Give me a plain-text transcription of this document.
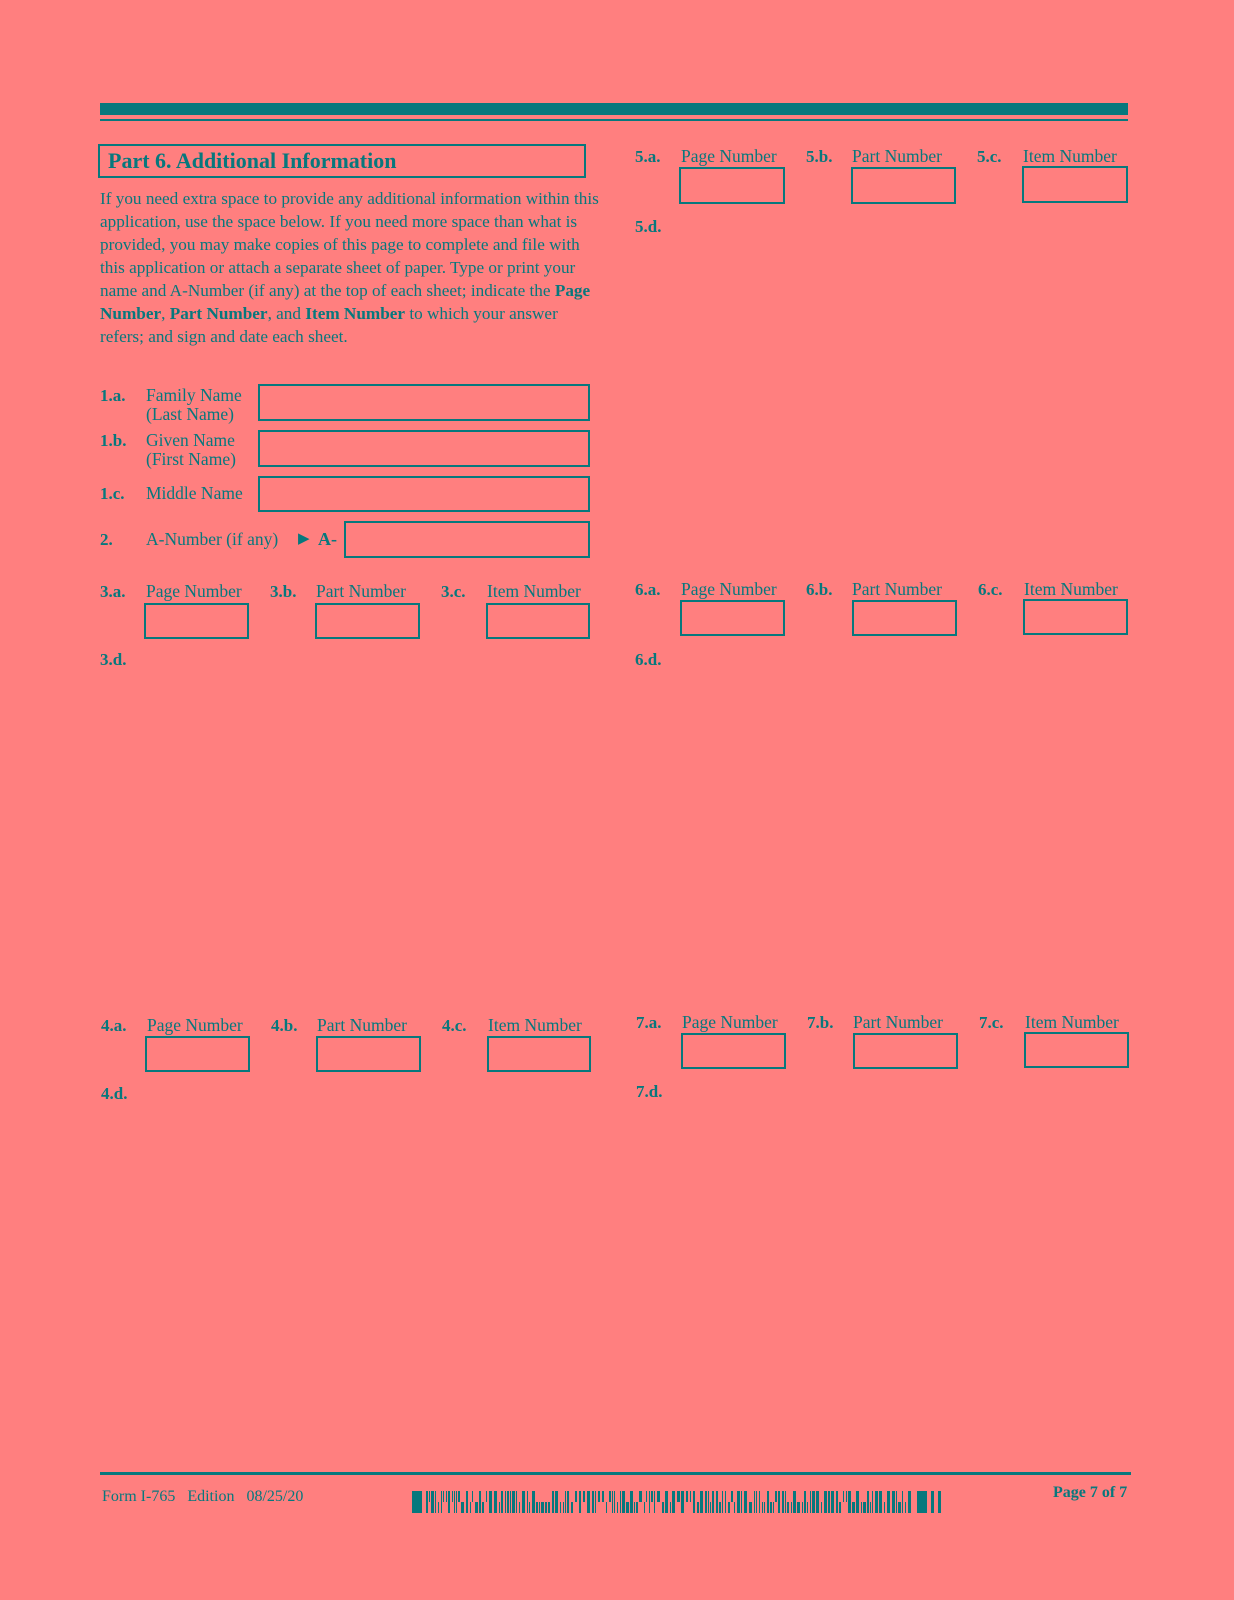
Part 6. Additional Information
If you need extra space to provide any additional information within this application, use the space below. If you need more space than what is provided, you may make copies of this page to complete and file with this application or attach a separate sheet of paper. Type or print your name and A-Number (if any) at the top of each sheet; indicate the Page Number, Part Number, and Item Number to which your answer refers; and sign and date each sheet.
1.a. Family Name
(Last Name)
1.b. Given Name
(First Name)
1.c. Middle Name
2. A-Number (if any) ▶ A-
3.a. Page Number 3.b. Part Number 3.c. Item Number
3.d.
4.a. Page Number 4.b. Part Number 4.c. Item Number
4.d.
5.a. Page Number 5.b. Part Number 5.c. Item Number
5.d.
6.a. Page Number 6.b. Part Number 6.c. Item Number
6.d.
7.a. Page Number 7.b. Part Number 7.c. Item Number
7.d.
Form I-765   Edition   08/25/20	Page 7 of 7
